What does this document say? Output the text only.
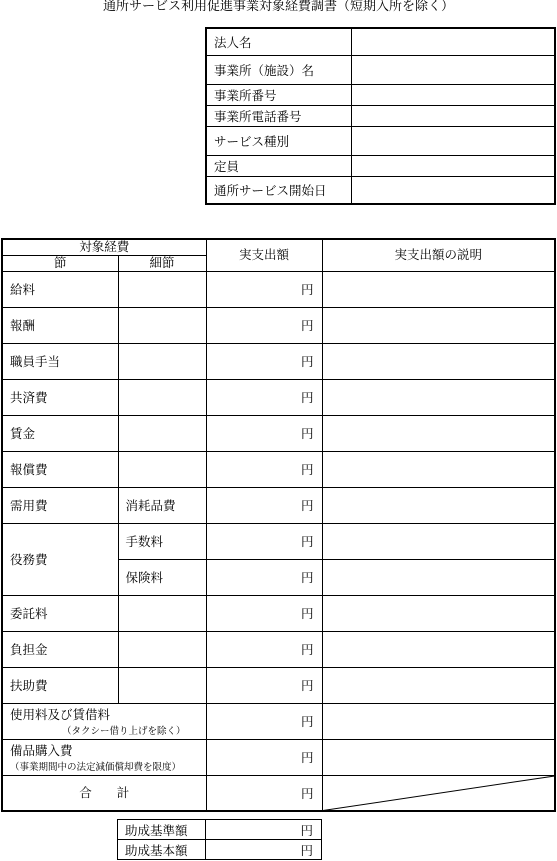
通所サービス利用促進事業対象経費調書（短期入所を除く）
法人名	
事業所（施設）名	
事業所番号	
事業所電話番号	
サービス種別	
定員	
通所サービス開始日	
対象経費		実支出額	実支出額の説明
節	細節		
給料		円	
報酬		円	
職員手当		円	
共済費		円	
賃金		円	
報償費		円	
需用費	消耗品費	円	
役務費	手数料	円	
	保険料	円	
委託料		円	
負担金		円	
扶助費		円	

使用料及び賃借料
（タクシー借り上げを除く）		円	

備品購入費
（事業期間中の法定減価償却費を限度）		円	
合　　計		円	
助成基準額	円
助成基本額	円
